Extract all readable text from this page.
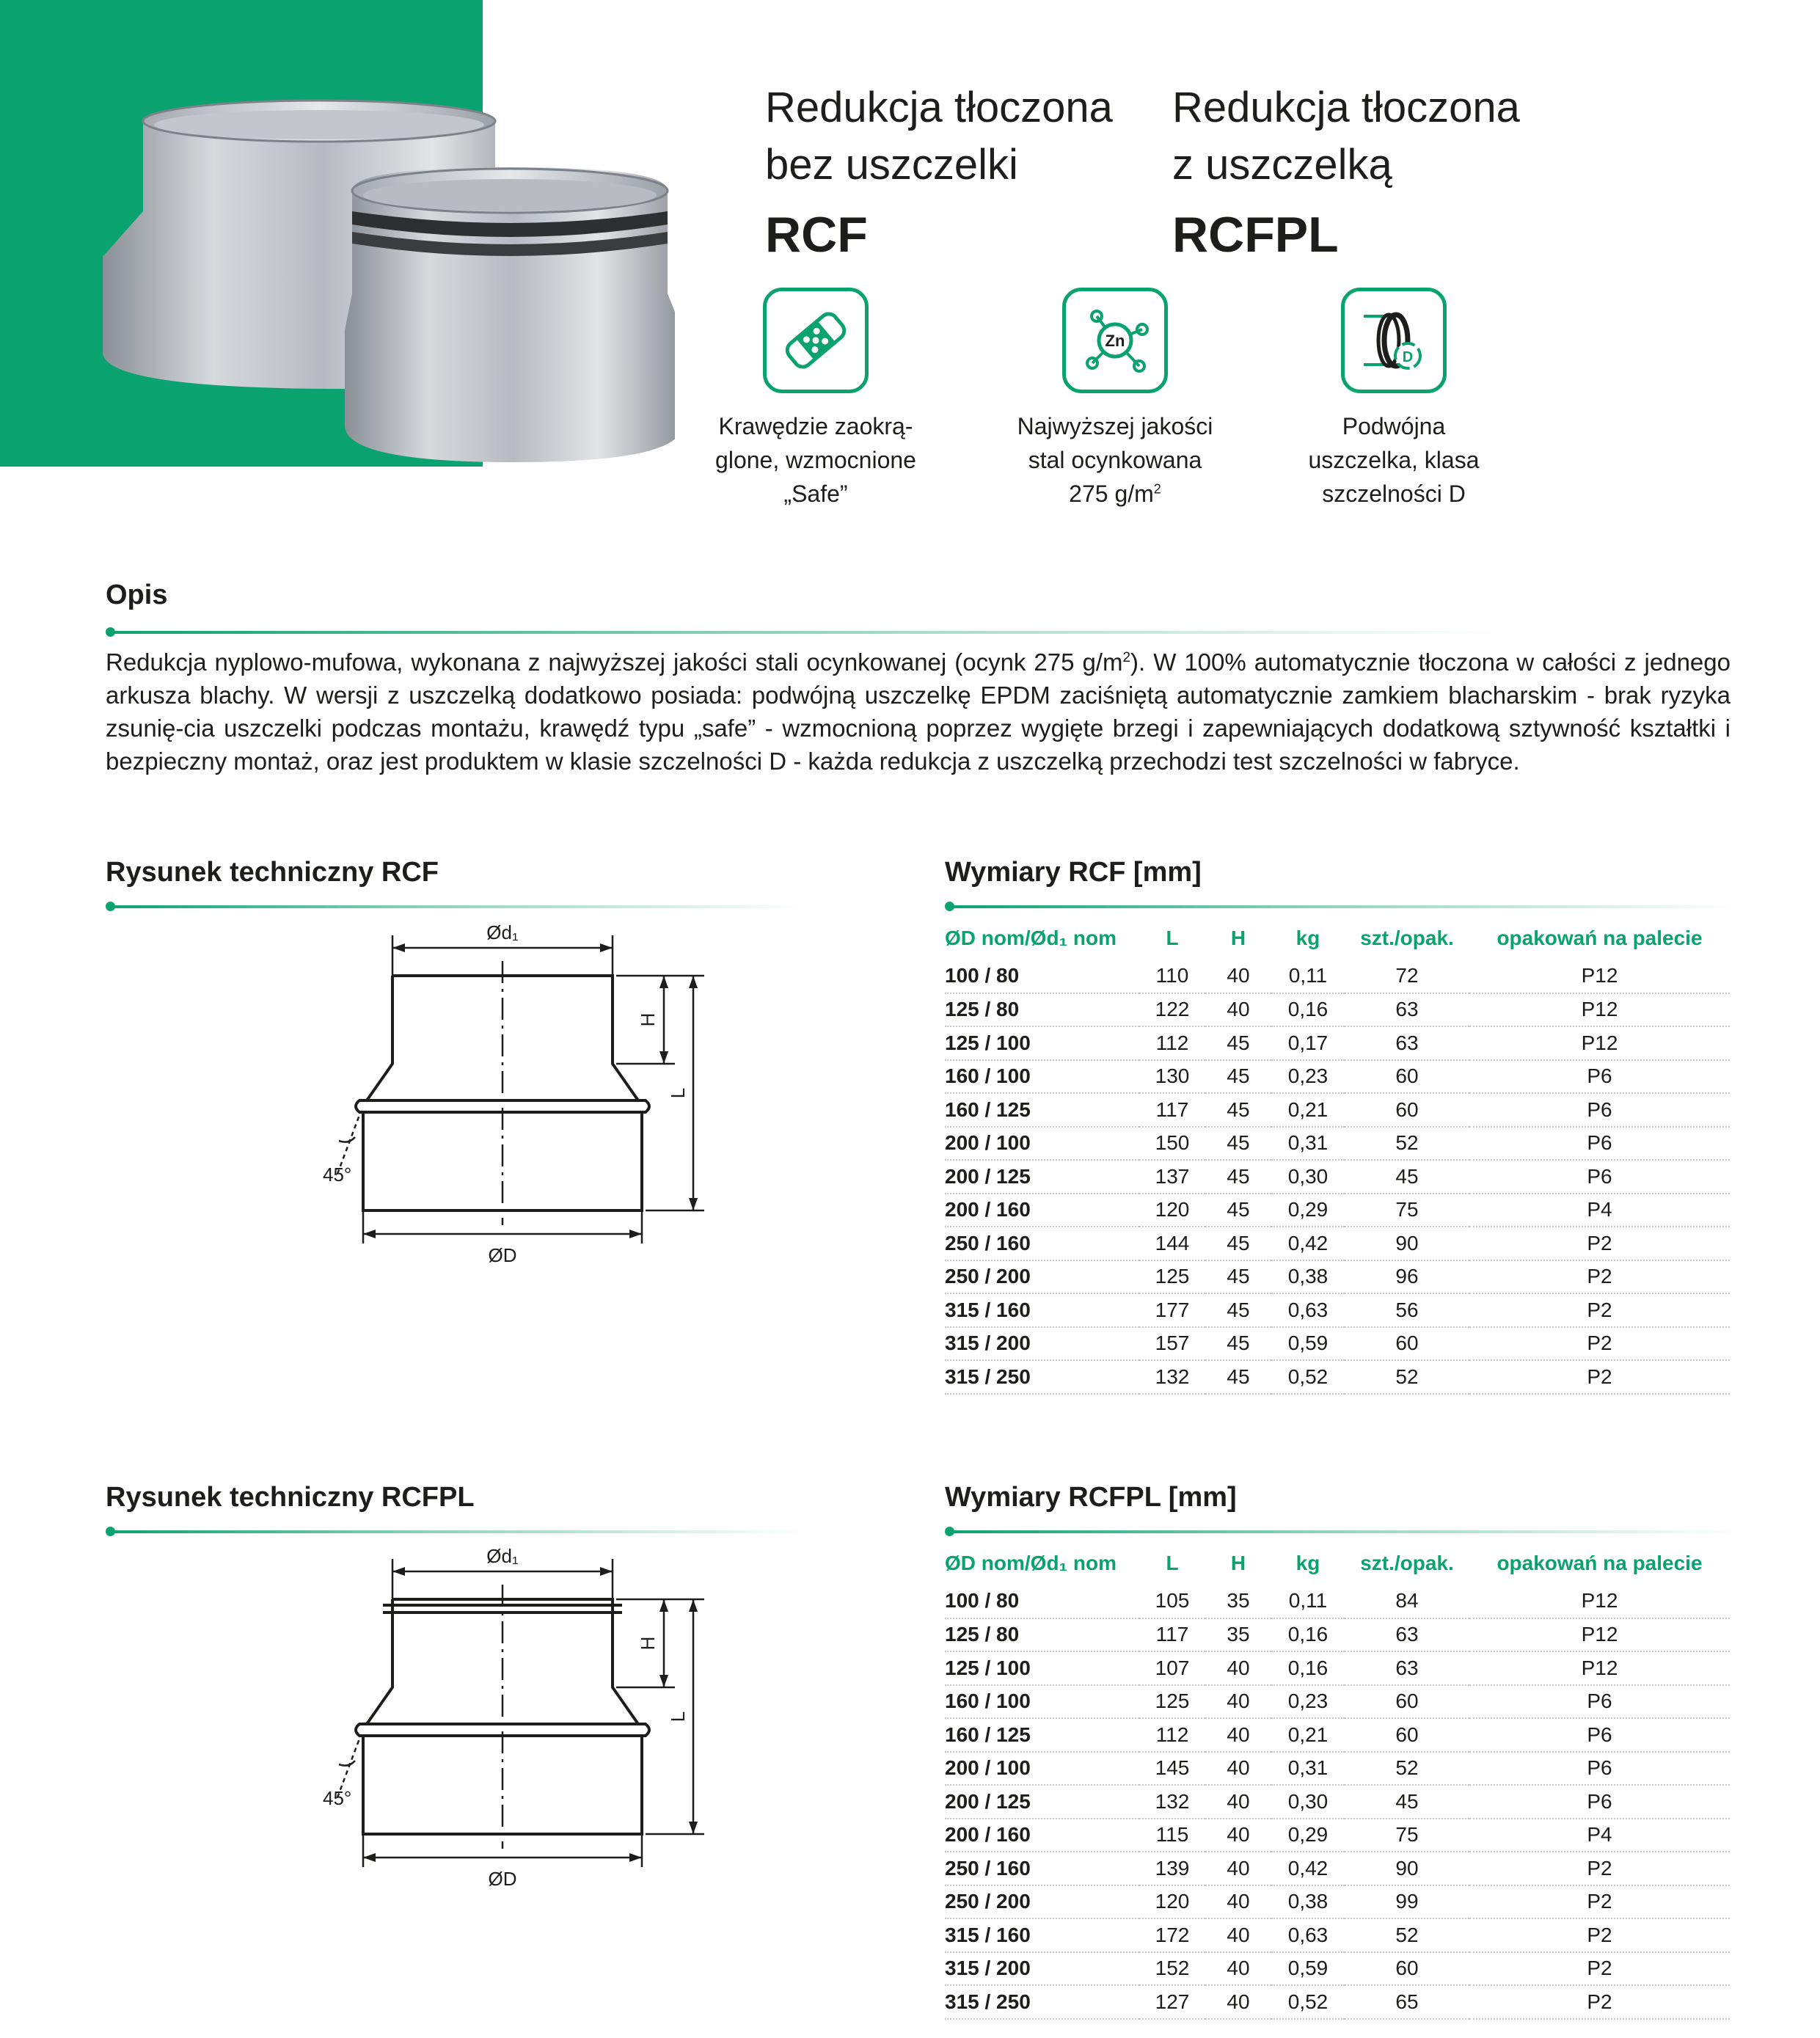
Redukcja tłoczona
bez uszczelki
RCF
Redukcja tłoczona
z uszczelką
RCFPL
Krawędzie zaokrą-
glone, wzmocnione
„Safe”
Zn
Najwyższej jakości
stal ocynkowana
275 $g/m^2$
D
Podwójna
uszczelka, klasa
szczelności D
Opis
Redukcja nyplowo-mufowa, wykonana z najwyższej jakości stali ocynkowanej (ocynk 275 $g/m^2$). W 100% automatycznie tłoczona w całości z jednego arkusza blachy. W wersji z uszczelką dodatkowo posiada: podwójną uszczelkę EPDM zaciśniętą automatycznie zamkiem blacharskim - brak ryzyka zsunię-cia uszczelki podczas montażu, krawędź typu „safe” - wzmocnioną poprzez wygięte brzegi i zapewniających dodatkową sztywność kształtki i bezpieczny montaż, oraz jest produktem w klasie szczelności D - każda redukcja z uszczelką przechodzi test szczelności w fabryce.
Rysunek techniczny RCF
Ød₁
ØD
H
L
45°
Wymiary RCF [mm]
ØD nom/Ød₁ nom	L	H	kg	szt./opak.	opakowań na palecie
100 / 80	110	40	0,11	72	P12
125 / 80	122	40	0,16	63	P12
125 / 100	112	45	0,17	63	P12
160 / 100	130	45	0,23	60	P6
160 / 125	117	45	0,21	60	P6
200 / 100	150	45	0,31	52	P6
200 / 125	137	45	0,30	45	P6
200 / 160	120	45	0,29	75	P4
250 / 160	144	45	0,42	90	P2
250 / 200	125	45	0,38	96	P2
315 / 160	177	45	0,63	56	P2
315 / 200	157	45	0,59	60	P2
315 / 250	132	45	0,52	52	P2
Rysunek techniczny RCFPL
Ød₁
ØD
H
L
45°
Wymiary RCFPL [mm]
ØD nom/Ød₁ nom	L	H	kg	szt./opak.	opakowań na palecie
100 / 80	105	35	0,11	84	P12
125 / 80	117	35	0,16	63	P12
125 / 100	107	40	0,16	63	P12
160 / 100	125	40	0,23	60	P6
160 / 125	112	40	0,21	60	P6
200 / 100	145	40	0,31	52	P6
200 / 125	132	40	0,30	45	P6
200 / 160	115	40	0,29	75	P4
250 / 160	139	40	0,42	90	P2
250 / 200	120	40	0,38	99	P2
315 / 160	172	40	0,63	52	P2
315 / 200	152	40	0,59	60	P2
315 / 250	127	40	0,52	65	P2
